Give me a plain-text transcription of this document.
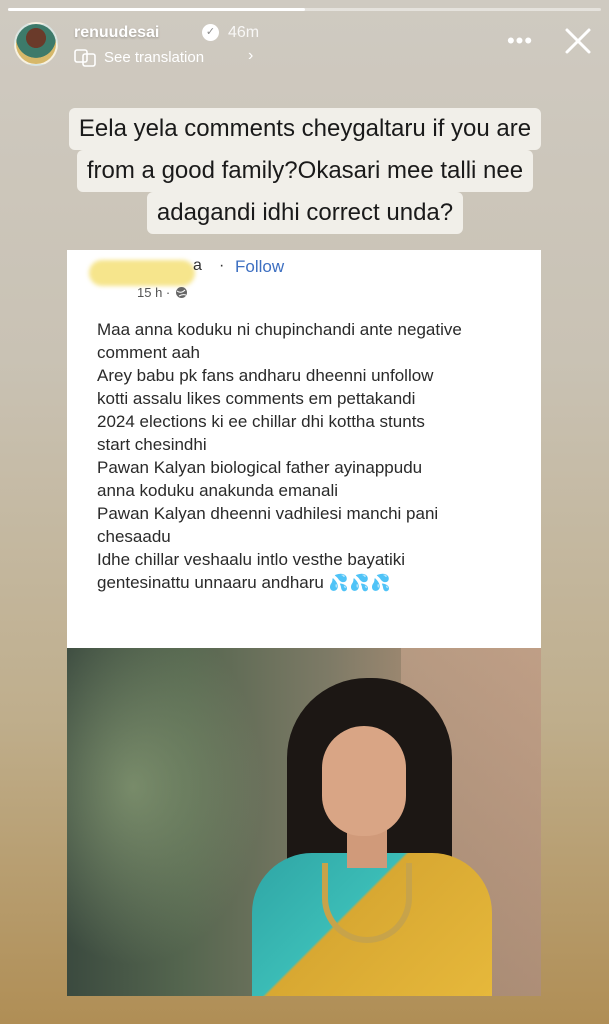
renuudesai	✓ 46m
See translation	›
•••
Eela yela comments cheygaltaru if you are
from a good family?Okasari mee talli nee
adagandi idhi correct unda?
a · Follow
15 h ·

Maa anna koduku ni chupinchandi ante negative

comment aah

Arey babu pk fans andharu dheenni unfollow

kotti assalu likes comments em pettakandi

2024 elections ki ee chillar dhi kottha stunts

start chesindhi

Pawan Kalyan biological father ayinappudu

anna koduku anakunda emanali

Pawan Kalyan dheenni vadhilesi manchi pani

chesaadu

Idhe chillar veshaalu intlo vesthe bayatiki

gentesinattu unnaaru andharu 💦💦💦
